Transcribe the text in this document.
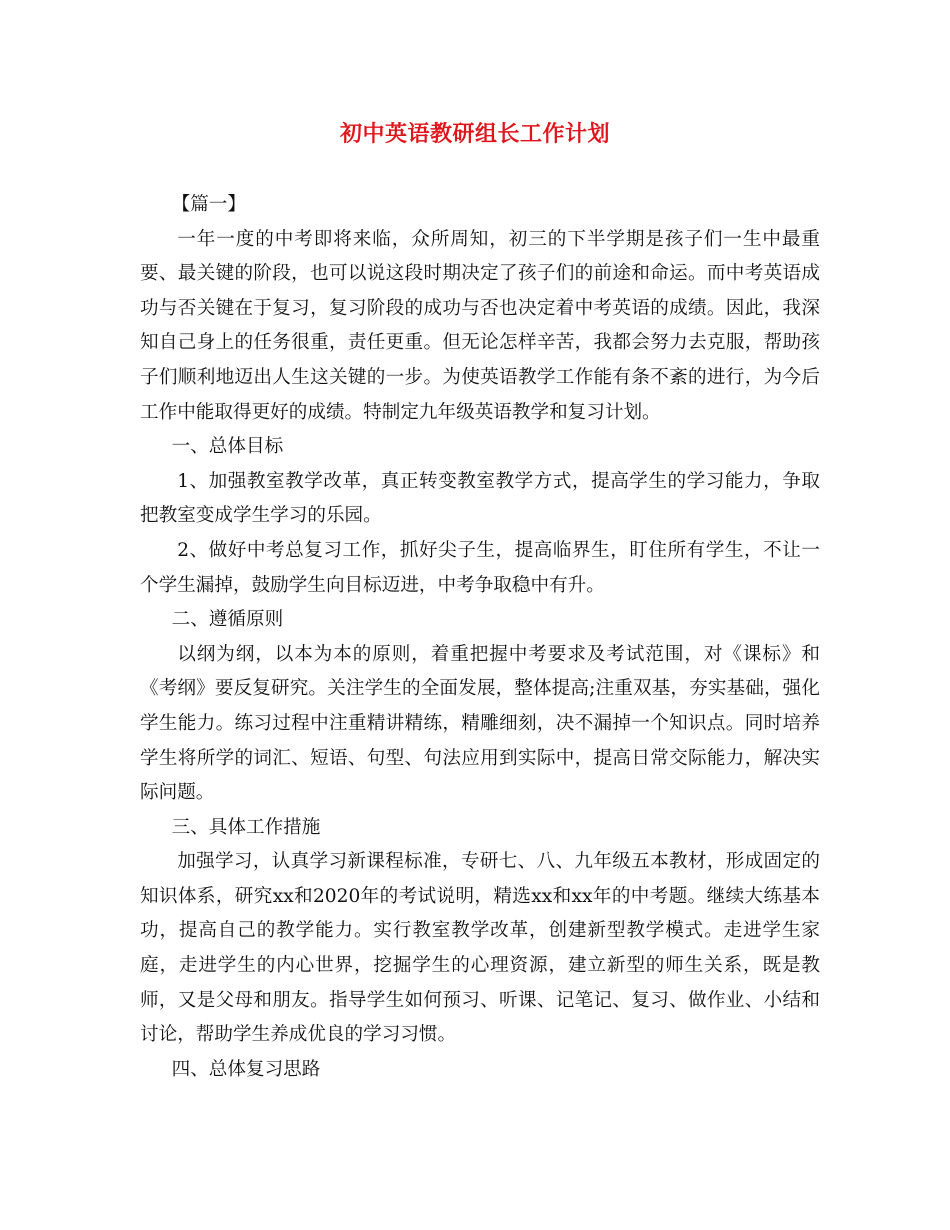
初中英语教研组长工作计划

【篇一】

一年一度的中考即将来临，众所周知，初三的下半学期是孩子们一生中最重要、最关键的阶段，也可以说这段时期决定了孩子们的前途和命运。而中考英语成功与否关键在于复习，复习阶段的成功与否也决定着中考英语的成绩。因此，我深知自己身上的任务很重，责任更重。但无论怎样辛苦，我都会努力去克服，帮助孩子们顺利地迈出人生这关键的一步。为使英语教学工作能有条不紊的进行，为今后工作中能取得更好的成绩。特制定九年级英语教学和复习计划。

一、总体目标

1、加强教室教学改革，真正转变教室教学方式，提高学生的学习能力，争取把教室变成学生学习的乐园。

2、做好中考总复习工作，抓好尖子生，提高临界生，盯住所有学生，不让一个学生漏掉，鼓励学生向目标迈进，中考争取稳中有升。

二、遵循原则

以纲为纲，以本为本的原则，着重把握中考要求及考试范围，对《课标》和《考纲》要反复研究。关注学生的全面发展，整体提高;注重双基，夯实基础，强化学生能力。练习过程中注重精讲精练，精雕细刻，决不漏掉一个知识点。同时培养学生将所学的词汇、短语、句型、句法应用到实际中，提高日常交际能力，解决实际问题。

三、具体工作措施

加强学习，认真学习新课程标准，专研七、八、九年级五本教材，形成固定的知识体系，研究xx和2020年的考试说明，精选xx和xx年的中考题。继续大练基本功，提高自己的教学能力。实行教室教学改革，创建新型教学模式。走进学生家庭，走进学生的内心世界，挖掘学生的心理资源，建立新型的师生关系，既是教师，又是父母和朋友。指导学生如何预习、听课、记笔记、复习、做作业、小结和讨论，帮助学生养成优良的学习习惯。

四、总体复习思路
